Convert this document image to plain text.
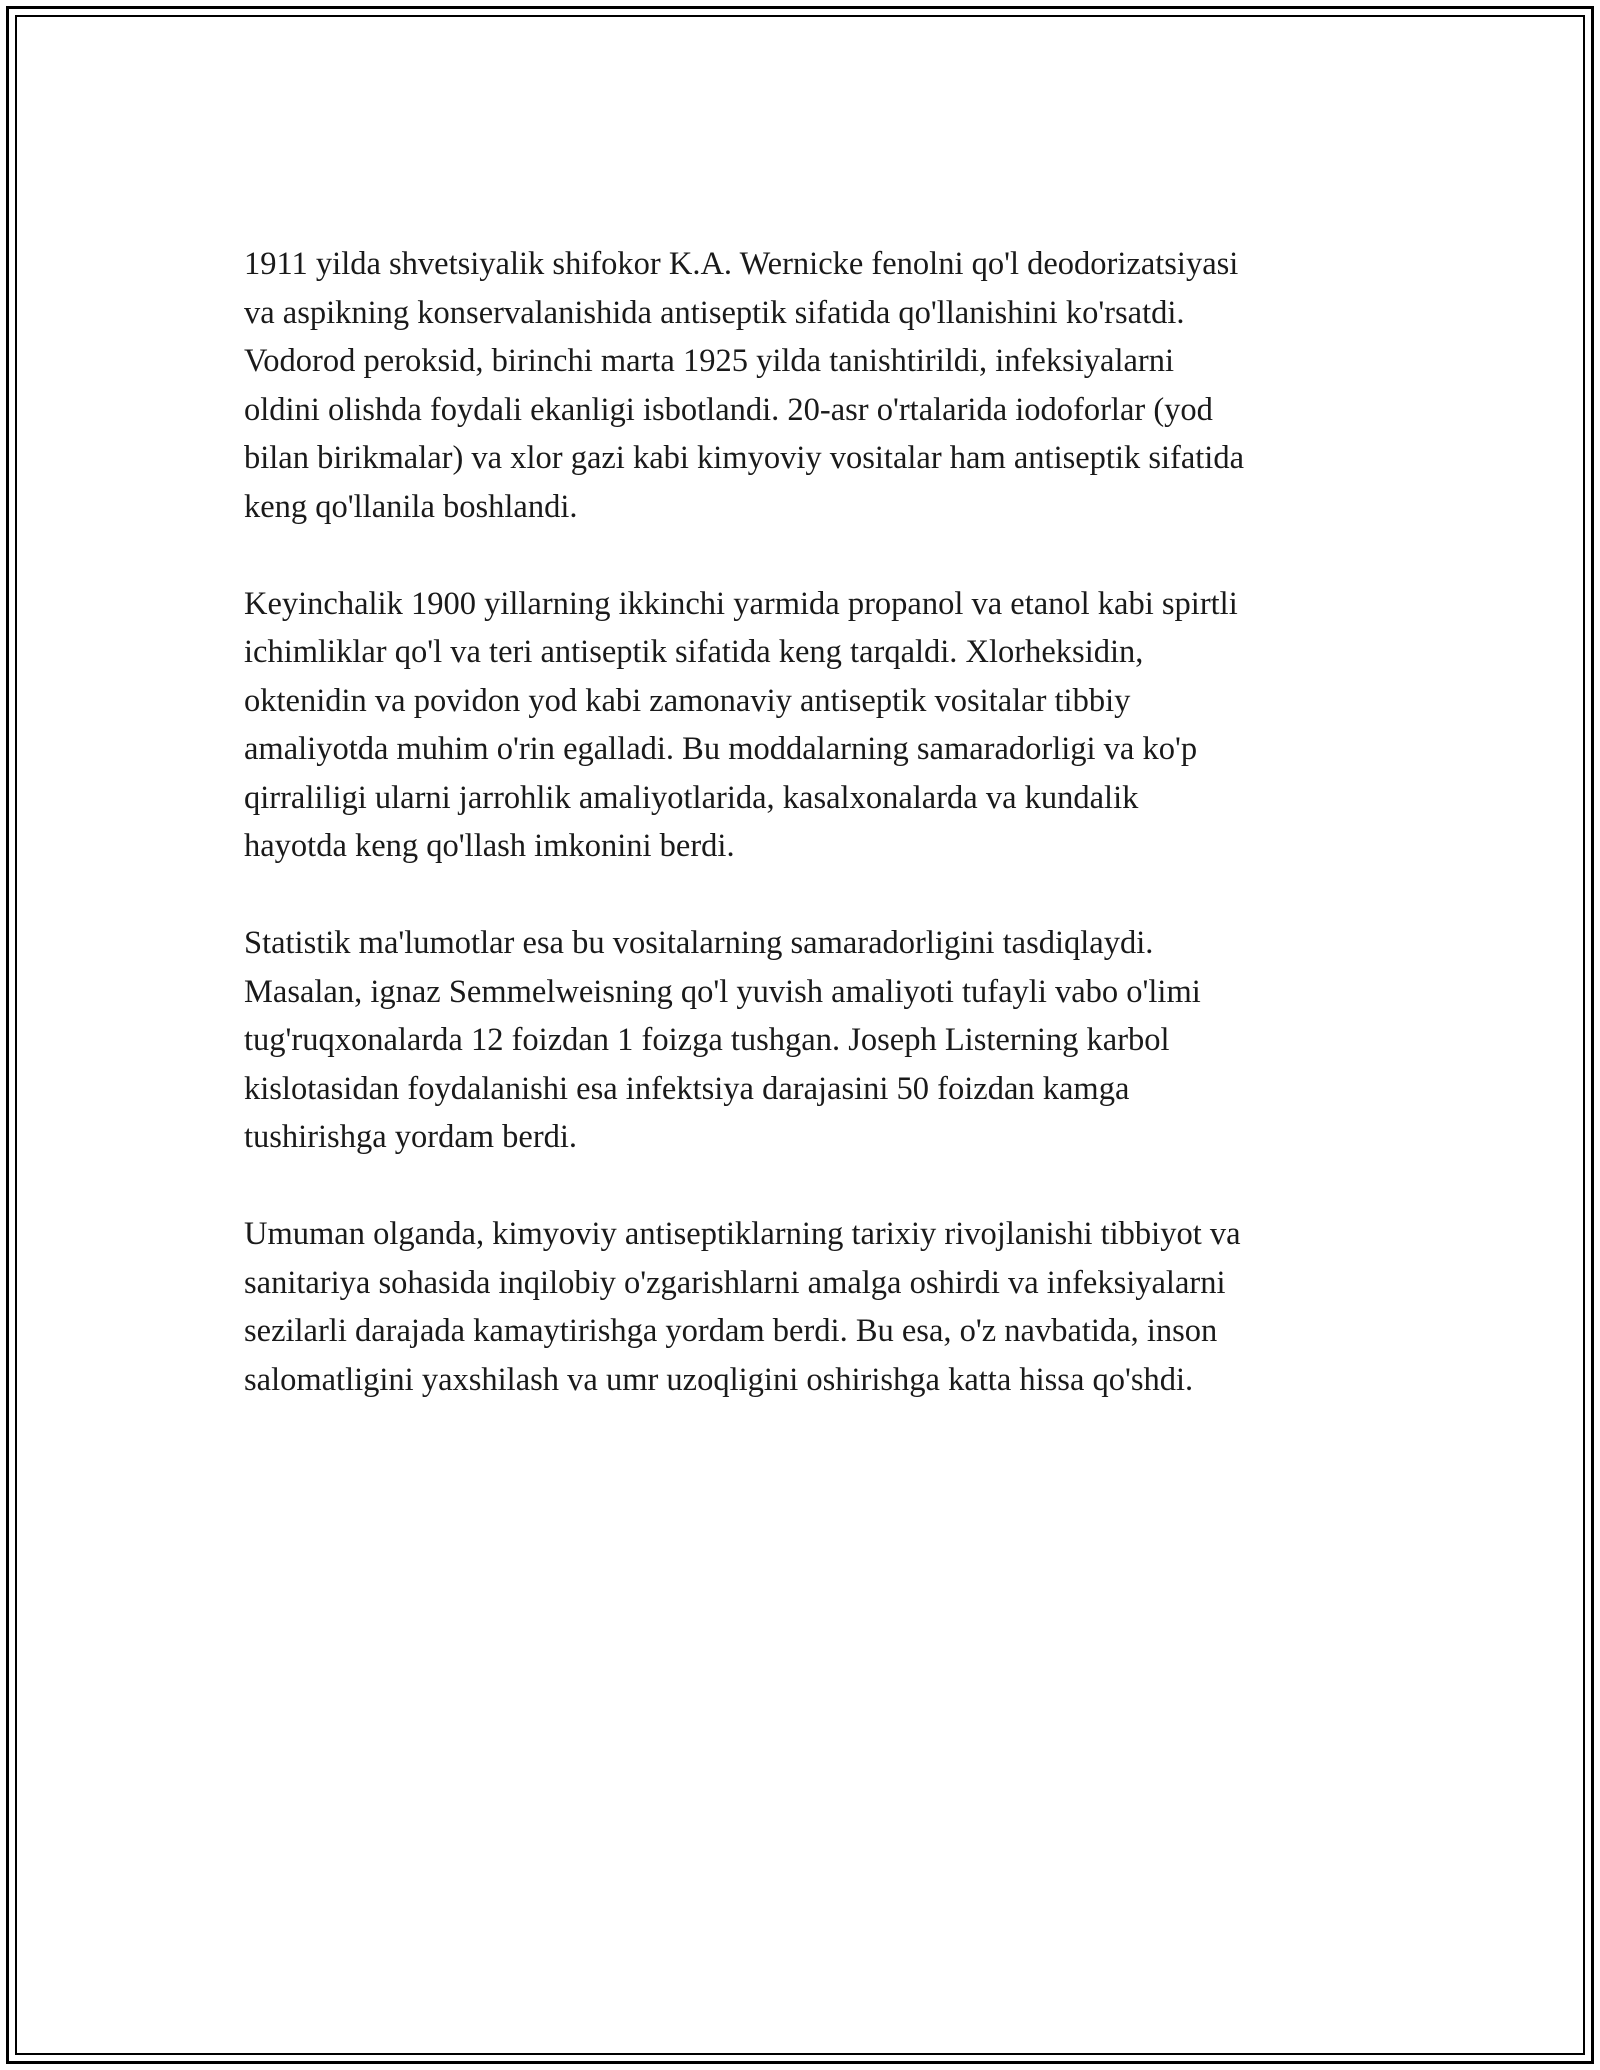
1911 yilda shvetsiyalik shifokor K.A. Wernicke fenolni qo'l deodorizatsiyasi
va aspikning konservalanishida antiseptik sifatida qo'llanishini ko'rsatdi.
Vodorod peroksid, birinchi marta 1925 yilda tanishtirildi, infeksiyalarni
oldini olishda foydali ekanligi isbotlandi. 20-asr o'rtalarida iodoforlar (yod
bilan birikmalar) va xlor gazi kabi kimyoviy vositalar ham antiseptik sifatida
keng qo'llanila boshlandi.

Keyinchalik 1900 yillarning ikkinchi yarmida propanol va etanol kabi spirtli
ichimliklar qo'l va teri antiseptik sifatida keng tarqaldi. Xlorheksidin,
oktenidin va povidon yod kabi zamonaviy antiseptik vositalar tibbiy
amaliyotda muhim o'rin egalladi. Bu moddalarning samaradorligi va ko'p
qirraliligi ularni jarrohlik amaliyotlarida, kasalxonalarda va kundalik
hayotda keng qo'llash imkonini berdi.

Statistik ma'lumotlar esa bu vositalarning samaradorligini tasdiqlaydi.
Masalan, ignaz Semmelweisning qo'l yuvish amaliyoti tufayli vabo o'limi
tug'ruqxonalarda 12 foizdan 1 foizga tushgan. Joseph Listerning karbol
kislotasidan foydalanishi esa infektsiya darajasini 50 foizdan kamga
tushirishga yordam berdi.

Umuman olganda, kimyoviy antiseptiklarning tarixiy rivojlanishi tibbiyot va
sanitariya sohasida inqilobiy o'zgarishlarni amalga oshirdi va infeksiyalarni
sezilarli darajada kamaytirishga yordam berdi. Bu esa, o'z navbatida, inson
salomatligini yaxshilash va umr uzoqligini oshirishga katta hissa qo'shdi.
